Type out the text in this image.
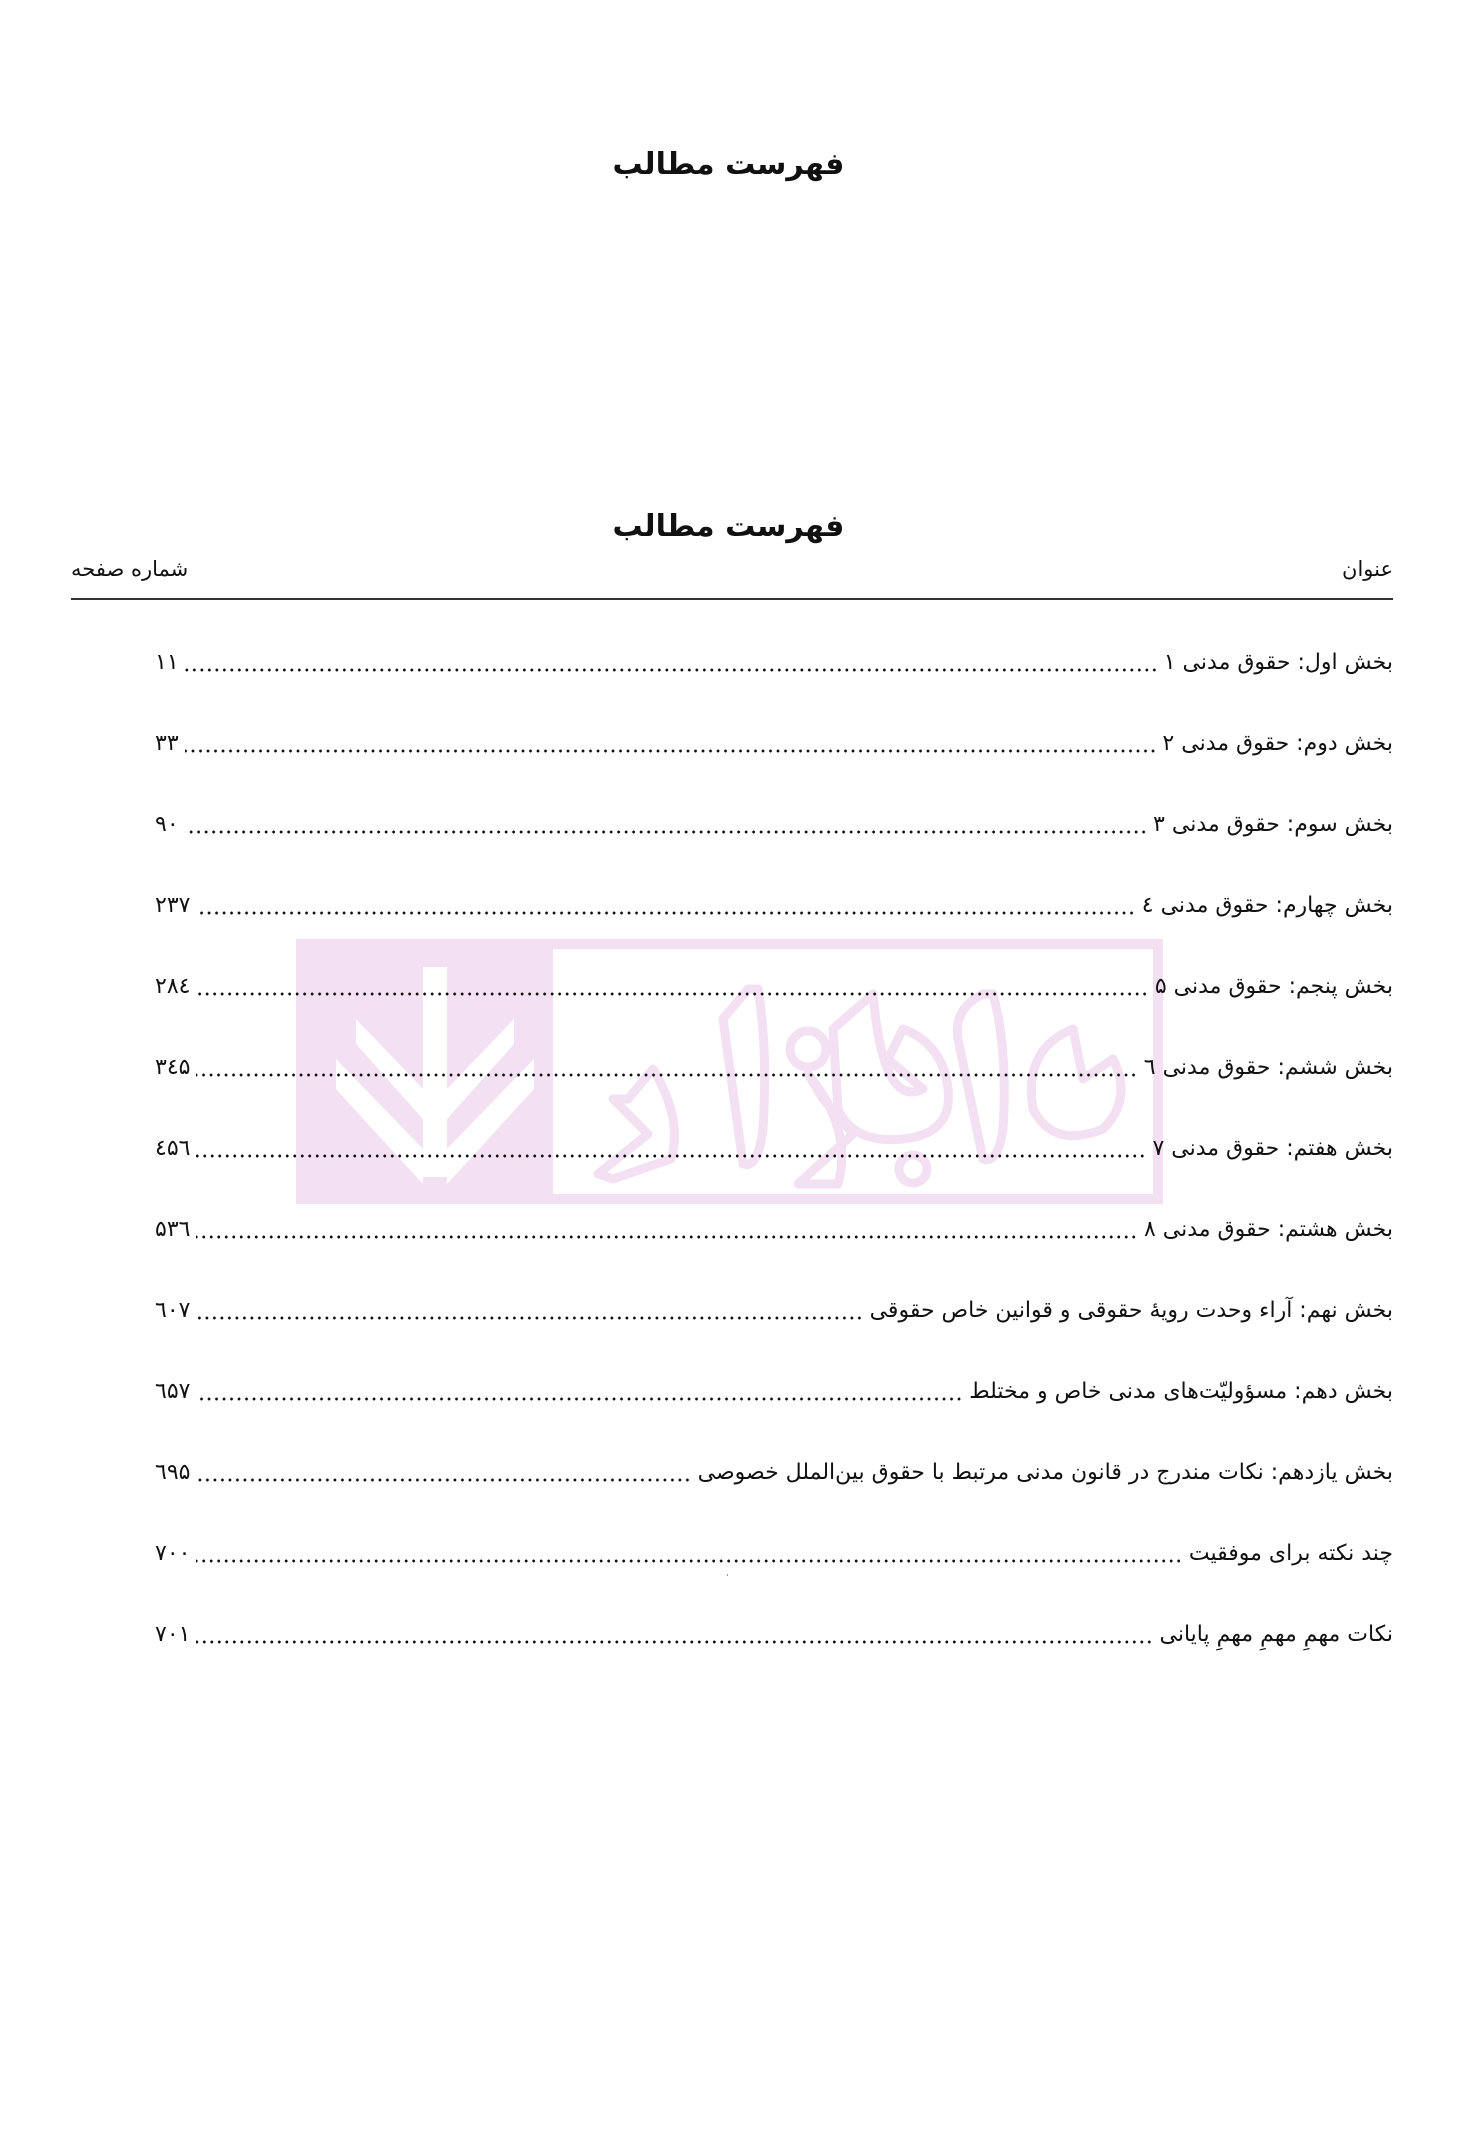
فهرست مطالب
فهرست مطالب
عنوان
شماره صفحه
بخش اول: حقوق مدنی ۱
۱۱
بخش دوم: حقوق مدنی ۲
۳۳
بخش سوم: حقوق مدنی ۳
۹۰
بخش چهارم: حقوق مدنی ٤
۲۳۷
بخش پنجم: حقوق مدنی ۵
۲۸٤
بخش ششم: حقوق مدنی ٦
۳٤۵
بخش هفتم: حقوق مدنی ۷
٤۵٦
بخش هشتم: حقوق مدنی ۸
۵۳٦
بخش نهم: آراء وحدت رویهٔ حقوقی و قوانین خاص حقوقی
٦۰۷
بخش دهم: مسؤولیّت‌های مدنی خاص و مختلط
٦۵۷
بخش یازدهم: نکات مندرج در قانون مدنی مرتبط با حقوق بین‌الملل خصوصی
٦۹۵
چند نکته برای موفقیت
۷۰۰
نکات مهمِ مهمِ مهمِ پایانی
۷۰۱
